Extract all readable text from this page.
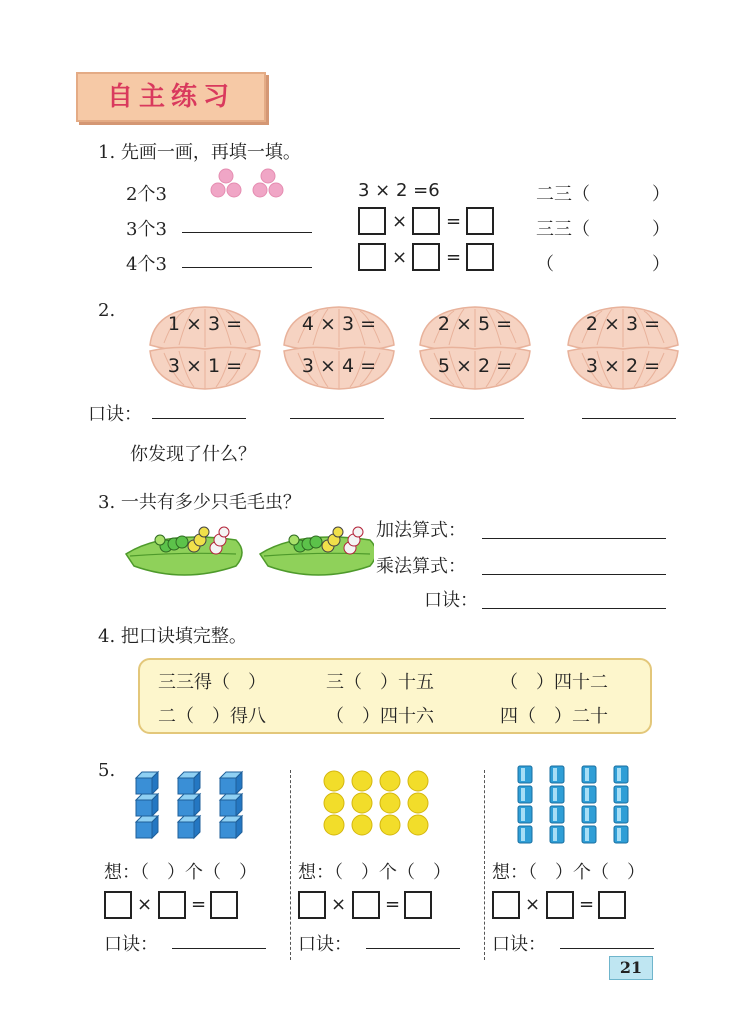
自主练习
1. 先画一画，再填一填。
2个3	3 × 2 =6	二三（	）
3个3	× =	三三（	）
4个3	× =	（	）
2.
1 × 3 =
3 × 1 =
4 × 3 =
3 × 4 =
2 × 5 =
5 × 2 =
2 × 3 =
3 × 2 =
口诀：
你发现了什么？
3. 一共有多少只毛毛虫？
加法算式：
乘法算式：
口诀：
4. 把口诀填完整。
三三得（　）	三（　）十五	（　）四十二
二（　）得八	（　）四十六	四（　）二十
5.
想：（　）个（　）
× =
口诀：
想：（　）个（　）
× =
口诀：
想：（　）个（　）
× =
口诀：
21
